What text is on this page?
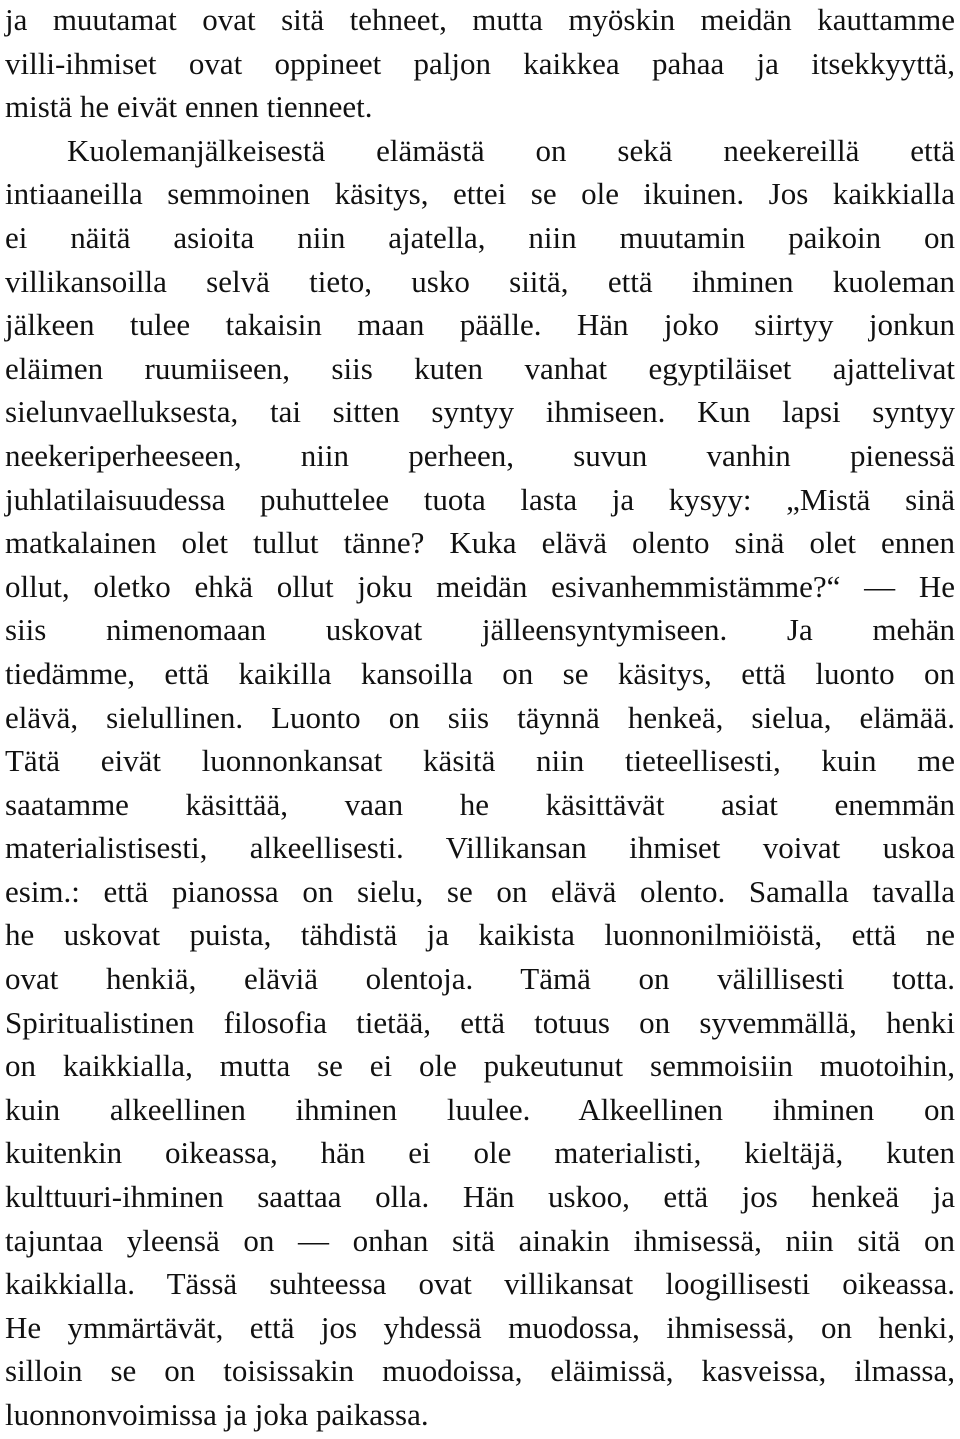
ja muutamat ovat sitä tehneet, mutta myöskin meidän kauttamme
villi-ihmiset ovat oppineet paljon kaikkea pahaa ja itsekkyyttä,
mistä he eivät ennen tienneet.
Kuolemanjälkeisestä elämästä on sekä neekereillä että
intiaaneilla semmoinen käsitys, ettei se ole ikuinen. Jos kaikkialla
ei näitä asioita niin ajatella, niin muutamin paikoin on
villikansoilla selvä tieto, usko siitä, että ihminen kuoleman
jälkeen tulee takaisin maan päälle. Hän joko siirtyy jonkun
eläimen ruumiiseen, siis kuten vanhat egyptiläiset ajattelivat
sielunvaelluksesta, tai sitten syntyy ihmiseen. Kun lapsi syntyy
neekeriperheeseen, niin perheen, suvun vanhin pienessä
juhlatilaisuudessa puhuttelee tuota lasta ja kysyy: „Mistä sinä
matkalainen olet tullut tänne? Kuka elävä olento sinä olet ennen
ollut, oletko ehkä ollut joku meidän esivanhemmistämme?“ — He
siis nimenomaan uskovat jälleensyntymiseen. Ja mehän
tiedämme, että kaikilla kansoilla on se käsitys, että luonto on
elävä, sielullinen. Luonto on siis täynnä henkeä, sielua, elämää.
Tätä eivät luonnonkansat käsitä niin tieteellisesti, kuin me
saatamme käsittää, vaan he käsittävät asiat enemmän
materialistisesti, alkeellisesti. Villikansan ihmiset voivat uskoa
esim.: että pianossa on sielu, se on elävä olento. Samalla tavalla
he uskovat puista, tähdistä ja kaikista luonnonilmiöistä, että ne
ovat henkiä, eläviä olentoja. Tämä on välillisesti totta.
Spiritualistinen filosofia tietää, että totuus on syvemmällä, henki
on kaikkialla, mutta se ei ole pukeutunut semmoisiin muotoihin,
kuin alkeellinen ihminen luulee. Alkeellinen ihminen on
kuitenkin oikeassa, hän ei ole materialisti, kieltäjä, kuten
kulttuuri-ihminen saattaa olla. Hän uskoo, että jos henkeä ja
tajuntaa yleensä on — onhan sitä ainakin ihmisessä, niin sitä on
kaikkialla. Tässä suhteessa ovat villikansat loogillisesti oikeassa.
He ymmärtävät, että jos yhdessä muodossa, ihmisessä, on henki,
silloin se on toisissakin muodoissa, eläimissä, kasveissa, ilmassa,
luonnonvoimissa ja joka paikassa.
